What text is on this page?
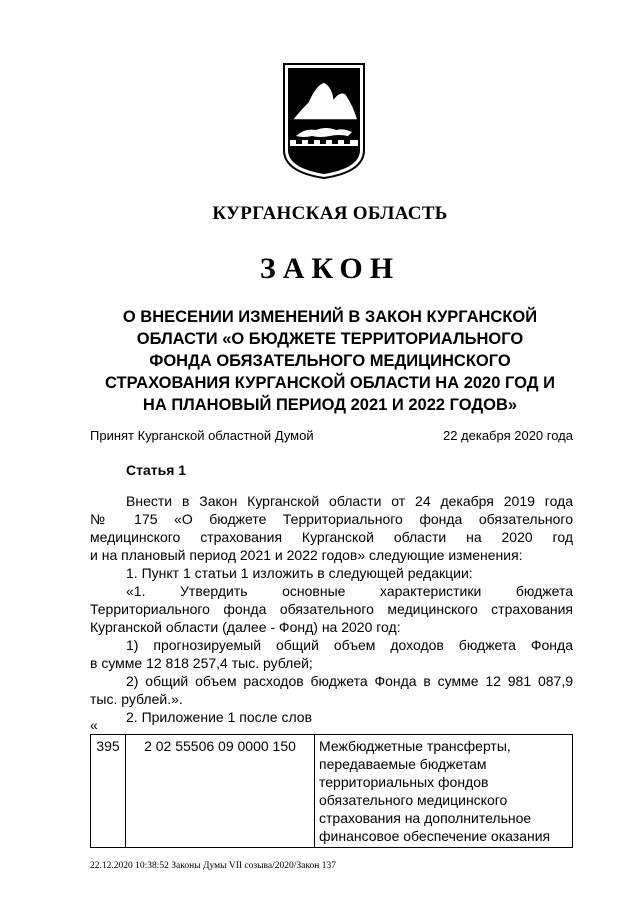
КУРГАНСКАЯ ОБЛАСТЬ
ЗАКОН
О ВНЕСЕНИИ ИЗМЕНЕНИЙ В ЗАКОН КУРГАНСКОЙ
ОБЛАСТИ «О БЮДЖЕТЕ ТЕРРИТОРИАЛЬНОГО
ФОНДА ОБЯЗАТЕЛЬНОГО МЕДИЦИНСКОГО
СТРАХОВАНИЯ КУРГАНСКОЙ ОБЛАСТИ НА 2020 ГОД И
НА ПЛАНОВЫЙ ПЕРИОД 2021 И 2022 ГОДОВ»
Принят Курганской областной Думой	22 декабря 2020 года
Статья 1
Внести в Закон Курганской области от 24 декабря 2019 года
№ 175 «О бюджете Территориального фонда обязательного
медицинского страхования Курганской области на 2020 год
и на плановый период 2021 и 2022 годов» следующие изменения:
1. Пункт 1 статьи 1 изложить в следующей редакции:
«1. Утвердить основные характеристики бюджета
Территориального фонда обязательного медицинского страхования
Курганской области (далее - Фонд) на 2020 год:
1) прогнозируемый общий объем доходов бюджета Фонда
в сумме 12 818 257,4 тыс. рублей;
2) общий объем расходов бюджета Фонда в сумме 12 981 087,9
тыс. рублей.».
2. Приложение 1 после слов
«
395	2 02 55506 09 0000 150	Межбюджетные трансферты,
передаваемые бюджетам
территориальных фондов
обязательного медицинского
страхования на дополнительное
финансовое обеспечение оказания
22.12.2020 10:38:52 Законы Думы VII созыва/2020/Закон 137
